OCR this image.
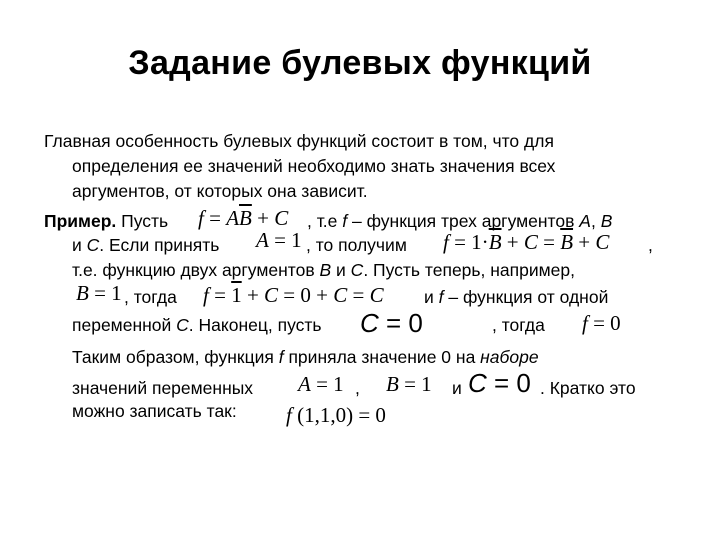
Задание булевых функций
Главная особенность булевых функций состоит в том, что для
определения ее значений необходимо знать значения всех
аргументов, от которых она зависит.
Пример. Пусть $f = A\overline{B} + C$ , т.е f – функция трех аргументов A, B
и C. Если принять A = 1 , то получим $f = 1\cdot\overline{B} + C = \overline{B} + C$ ,
т.е. функцию двух аргументов B и C. Пусть теперь, например,
B = 1 , тогда f = 1 + C = 0 + C = C и f – функция от одной
переменной C. Наконец, пусть C = 0	, тогда f = 0
Таким образом, функция f приняла значение 0 на наборе
значений переменных A = 1 , B = 1 и C = 0 . Кратко это
можно записать так: f (1,1,0) = 0
